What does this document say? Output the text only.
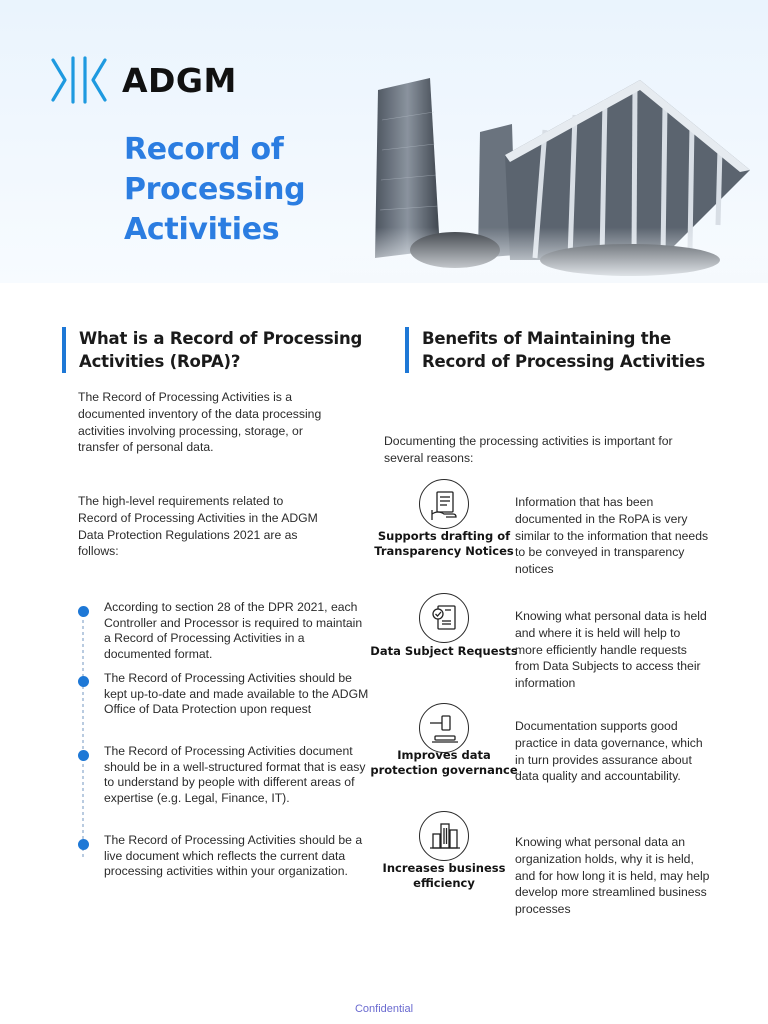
ADGM
Record of Processing Activities
What is a Record of Processing Activities (RoPA)?
The Record of Processing Activities is a documented inventory of the data processing activities involving processing, storage, or transfer of personal data.
The high-level requirements related to Record of Processing Activities in the ADGM Data Protection Regulations 2021 are as follows:
According to section 28 of the DPR 2021, each Controller and Processor is required to maintain a Record of Processing Activities in a documented format.
The Record of Processing Activities should be kept up-to-date and made available to the ADGM Office of Data Protection upon request
The Record of Processing Activities document should be in a well-structured format that is easy to understand by people with different areas of expertise (e.g. Legal, Finance, IT).
The Record of Processing Activities should be a live document which reflects the current data processing activities within your organization.
Benefits of Maintaining the Record of Processing Activities
Documenting the processing activities is important for several reasons:
Supports drafting of Transparency Notices
Information that has been documented in the RoPA is very similar to the information that needs to be conveyed in transparency notices
Data Subject Requests
Knowing what personal data is held and where it is held will help to more efficiently handle requests from Data Subjects to access their information
Improves data protection governance
Documentation supports good practice in data governance, which in turn provides assurance about data quality and accountability.
Increases business efficiency
Knowing what personal data an organization holds, why it is held, and for how long it is held, may help develop more streamlined business processes
Confidential
